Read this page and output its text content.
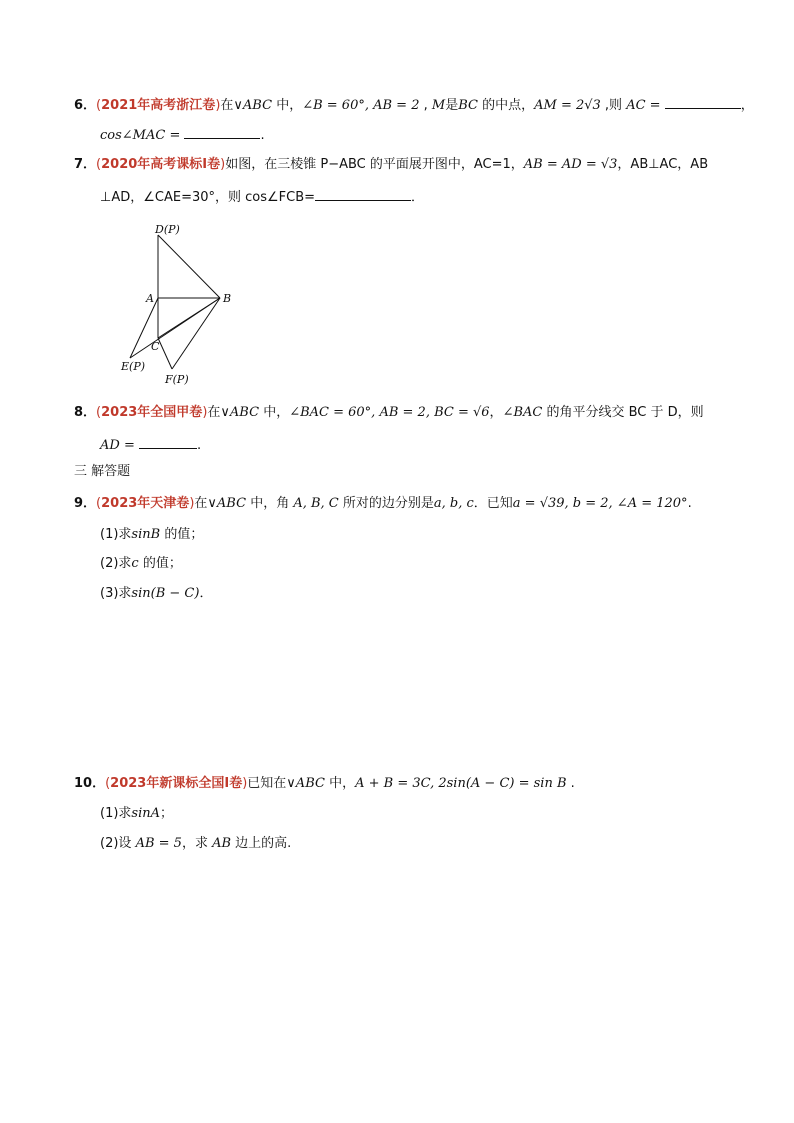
6．(2021年高考浙江卷)在∨ABC 中，∠B = 60°, AB = 2 , M是BC 的中点，AM = 2√3 ,则 AC =	，
cos∠MAC =	.
7．(2020年高考课标Ⅰ卷)如图，在三棱锥 P−ABC 的平面展开图中，AC=1，AB = AD = √3，AB⊥AC，AB
⊥AD，∠CAE=30°，则 cos∠FCB=	．
D(P)
A	B
C
E(P)
F(P)
8．(2023年全国甲卷)在∨ABC 中，∠BAC = 60°, AB = 2, BC = √6，∠BAC 的角平分线交 BC 于 D，则
AD =	.
三 解答题
9．(2023年天津卷)在∨ABC 中，角 A, B, C 所对的边分别是a, b, c．已知a = √39, b = 2, ∠A = 120°.
(1)求sinB 的值；
(2)求c 的值；
(3)求sin(B − C)．
10．(2023年新课标全国Ⅰ卷)已知在∨ABC 中，A + B = 3C, 2sin(A − C) = sin B .
(1)求sinA；
(2)设 AB = 5，求 AB 边上的高.
